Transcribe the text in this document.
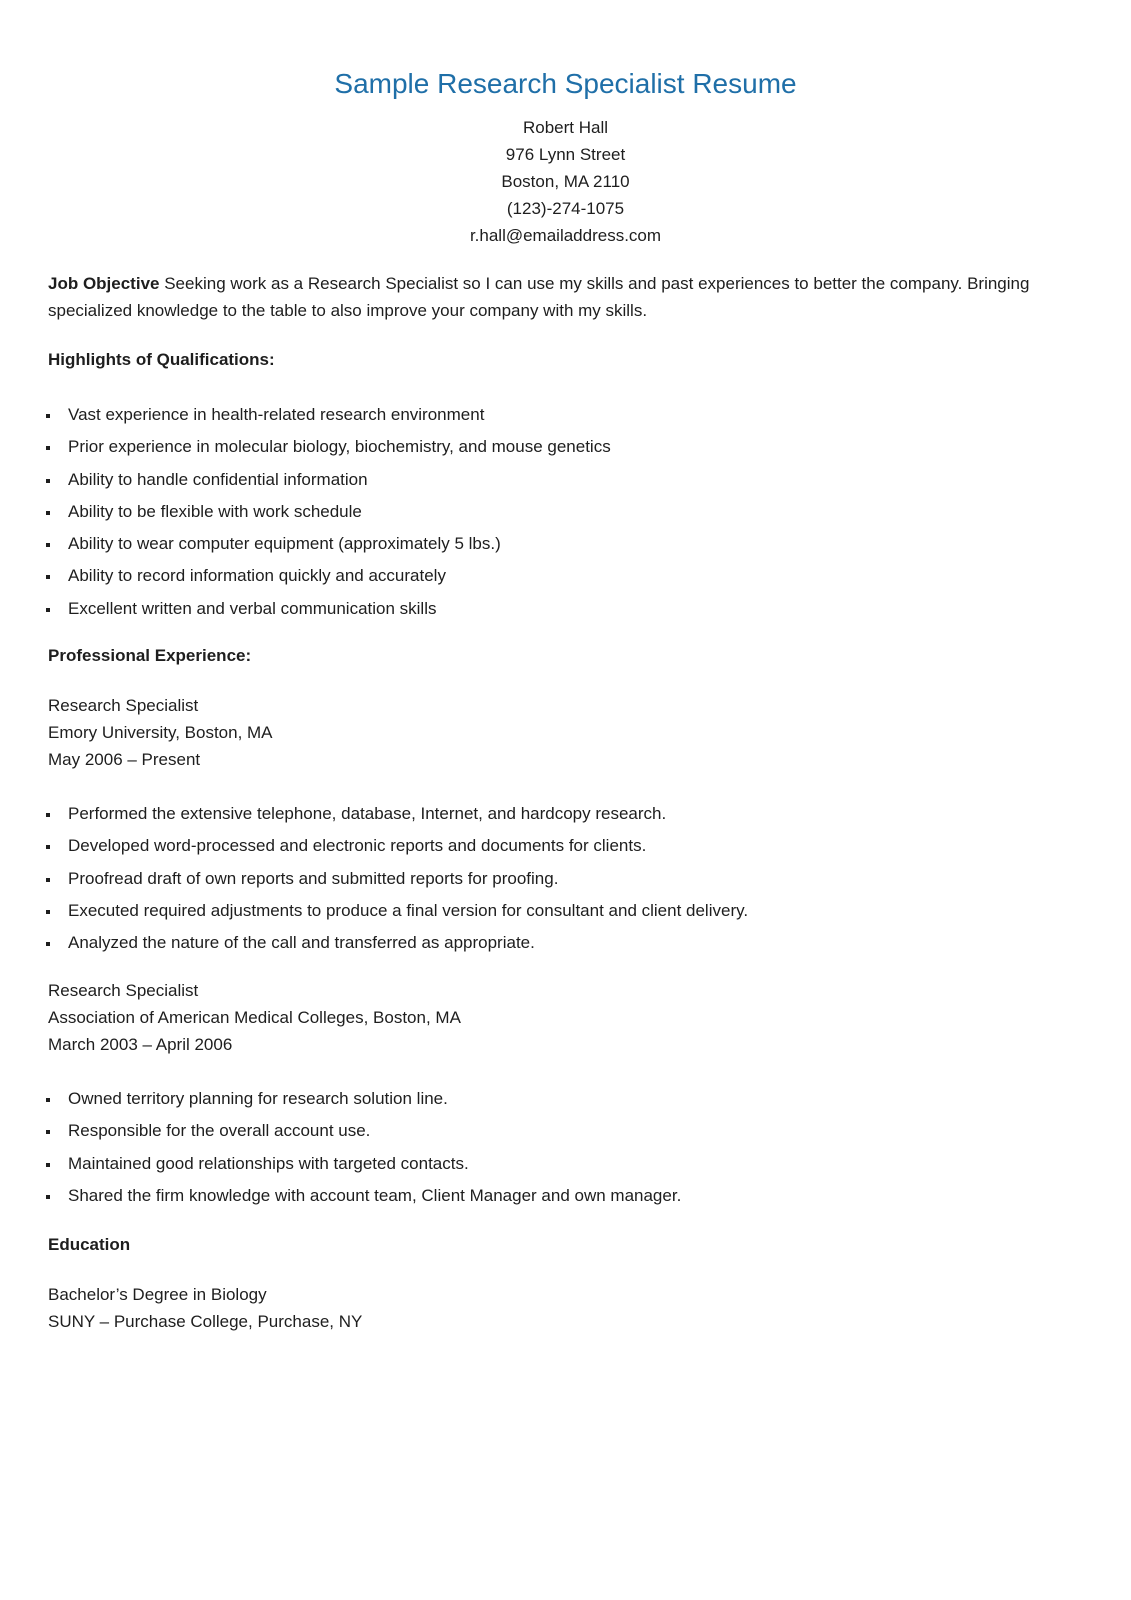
Sample Research Specialist Resume
Robert Hall
976 Lynn Street
Boston, MA 2110
(123)-274-1075
r.hall@emailaddress.com
Job Objective Seeking work as a Research Specialist so I can use my skills and past experiences to better the company. Bringing specialized knowledge to the table to also improve your company with my skills.
Highlights of Qualifications:
Vast experience in health-related research environment
Prior experience in molecular biology, biochemistry, and mouse genetics
Ability to handle confidential information
Ability to be flexible with work schedule
Ability to wear computer equipment (approximately 5 lbs.)
Ability to record information quickly and accurately
Excellent written and verbal communication skills
Professional Experience:
Research Specialist
Emory University, Boston, MA
May 2006 – Present
Performed the extensive telephone, database, Internet, and hardcopy research.
Developed word-processed and electronic reports and documents for clients.
Proofread draft of own reports and submitted reports for proofing.
Executed required adjustments to produce a final version for consultant and client delivery.
Analyzed the nature of the call and transferred as appropriate.
Research Specialist
Association of American Medical Colleges, Boston, MA
March 2003 – April 2006
Owned territory planning for research solution line.
Responsible for the overall account use.
Maintained good relationships with targeted contacts.
Shared the firm knowledge with account team, Client Manager and own manager.
Education
Bachelor’s Degree in Biology
SUNY – Purchase College, Purchase, NY
